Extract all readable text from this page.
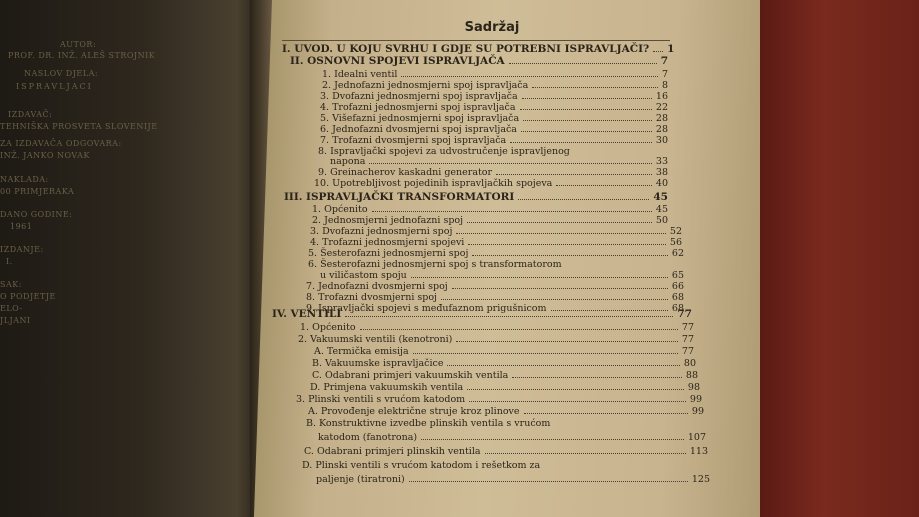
AUTOR:
PROF. DR. INŽ. ALEŠ STROJNIK
NASLOV DJELA:
ISPRAVLJACI
IZDAVAČ:
TEHNIŠKA PROSVETA SLOVENIJE
ZA IZDAVAČA ODGOVARA:
INŽ. JANKO NOVAK
NAKLADA:
00 PRIMJERAKA
DANO GODINE:
1961
IZDANJE:
I.
SAK:
O PODJETJE
ELO-
JLJANI
Sadržaj
I. UVOD. U KOJU SVRHU I GDJE SU POTREBNI ISPRAVLJAČI? 1
II. OSNOVNI SPOJEVI ISPRAVLJAČA	7
1. Idealni ventil	7
2. Jednofazni jednosmjerni spoj ispravljača	8
3. Dvofazni jednosmjerni spoj ispravljača	16
4. Trofazni jednosmjerni spoj ispravljača	22
5. Višefazni jednosmjerni spoj ispravljača	28
6. Jednofazni dvosmjerni spoj ispravljača	28
7. Trofazni dvosmjerni spoj ispravljača	30
8. Ispravljački spojevi za udvostručenje ispravljenog
napona	33
9. Greinacherov kaskadni generator	38
10. Upotrebljivost pojedinih ispravljačkih spojeva	40
III. ISPRAVLJAČKI TRANSFORMATORI	45
1. Općenito	45
2. Jednosmjerni jednofazni spoj	50
3. Dvofazni jednosmjerni spoj	52
4. Trofazni jednosmjerni spojevi	56
5. Šesterofazni jednosmjerni spoj	62
6. Šesterofazni jednosmjerni spoj s transformatorom
u viličastom spoju	65
7. Jednofazni dvosmjerni spoj	66
8. Trofazni dvosmjerni spoj	68
9. Ispravljački spojevi s međufaznom prigušnicom	68
IV. VENTILI	77
1. Općenito	77
2. Vakuumski ventili (kenotroni)	77
A. Termička emisija	77
B. Vakuumske ispravljačice	80
C. Odabrani primjeri vakuumskih ventila	88
D. Primjena vakuumskih ventila	98
3. Plinski ventili s vrućom katodom	99
A. Provođenje električne struje kroz plinove	99
B. Konstruktivne izvedbe plinskih ventila s vrućom
katodom (fanotrona)	107
C. Odabrani primjeri plinskih ventila	113
D. Plinski ventili s vrućom katodom i rešetkom za
paljenje (tiratroni)	125
